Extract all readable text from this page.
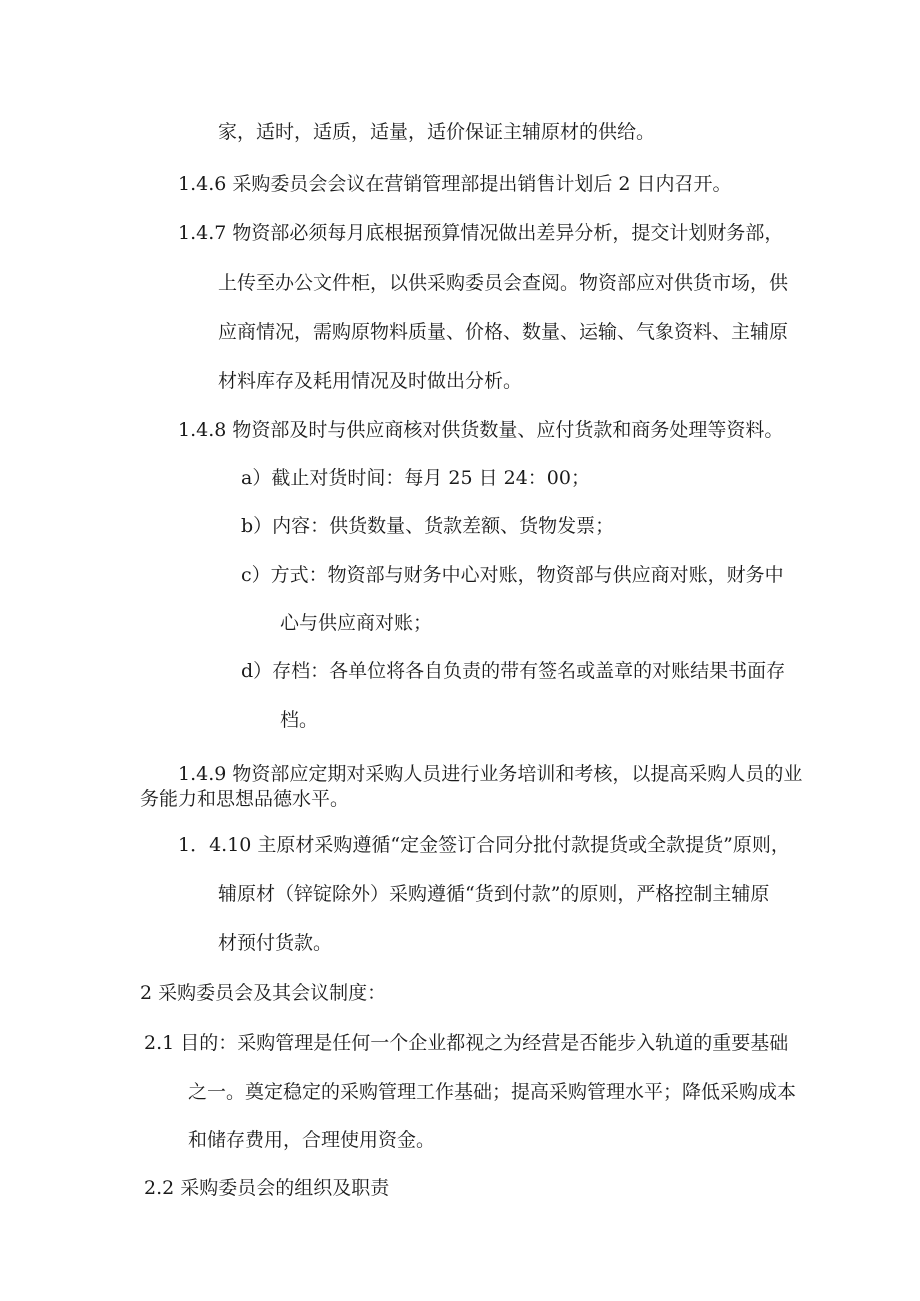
家，适时，适质，适量，适价保证主辅原材的供给。
1.4.6 采购委员会会议在营销管理部提出销售计划后 2 日内召开。
1.4.7 物资部必须每月底根据预算情况做出差异分析，提交计划财务部，
上传至办公文件柜，以供采购委员会查阅。物资部应对供货市场，供
应商情况，需购原物料质量、价格、数量、运输、气象资料、主辅原
材料库存及耗用情况及时做出分析。
1.4.8 物资部及时与供应商核对供货数量、应付货款和商务处理等资料。
a）截止对货时间：每月 25 日 24：00；
b）内容：供货数量、货款差额、货物发票；
c）方式：物资部与财务中心对账，物资部与供应商对账，财务中
心与供应商对账；
d）存档：各单位将各自负责的带有签名或盖章的对账结果书面存
档。
1.4.9 物资部应定期对采购人员进行业务培训和考核，以提高采购人员的业
务能力和思想品德水平。
1．4.10 主原材采购遵循“定金签订合同分批付款提货或全款提货”原则，
辅原材（锌锭除外）采购遵循“货到付款”的原则，严格控制主辅原
材预付货款。
2 采购委员会及其会议制度：
2.1 目的：采购管理是任何一个企业都视之为经营是否能步入轨道的重要基础
之一。奠定稳定的采购管理工作基础；提高采购管理水平；降低采购成本
和储存费用，合理使用资金。
2.2 采购委员会的组织及职责
